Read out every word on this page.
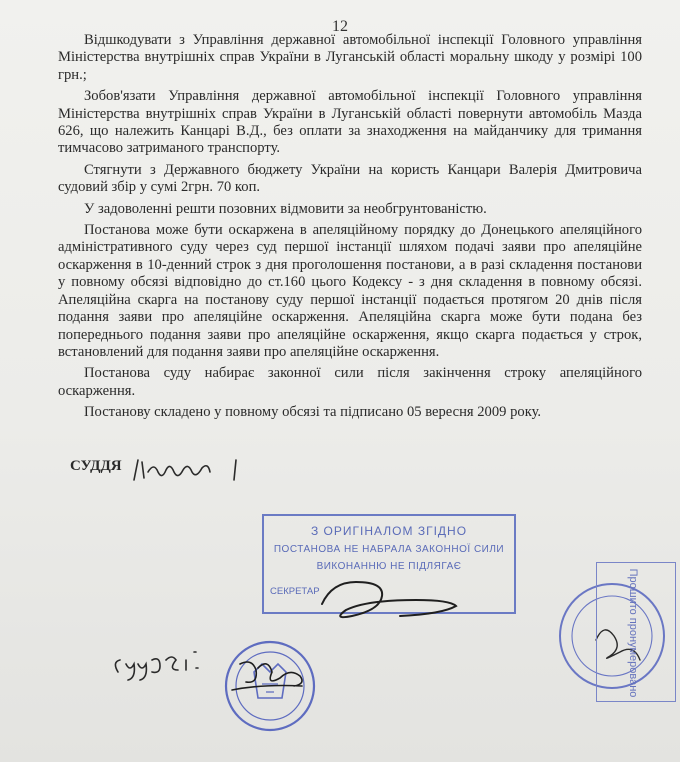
12

Відшкодувати з Управління державної автомобільної інспекції Головного управління Міністерства внутрішніх справ України в Луганській області моральну шкоду у розмірі 100 грн.;

Зобов'язати Управління державної автомобільної інспекції Головного управління Міністерства внутрішніх справ України в Луганській області повернути автомобіль Мазда 626, що належить Канцарі В.Д., без оплати за знаходження на майданчику для тримання тимчасово затриманого транспорту.

Стягнути з Державного бюджету України на користь Канцари Валерія Дмитровича судовий збір у сумі 2грн. 70 коп.

У задоволенні решти позовних відмовити за необгрунтованістю.

Постанова може бути оскаржена в апеляційному порядку до Донецького апеляційного адміністративного суду через суд першої інстанції шляхом подачі заяви про апеляційне оскарження в 10-денний строк з дня проголошення постанови, а в разі складення постанови у повному обсязі відповідно до ст.160 цього Кодексу - з дня складення в повному обсязі. Апеляційна скарга на постанову суду першої інстанції подається протягом 20 днів після подання заяви про апеляційне оскарження. Апеляційна скарга може бути подана без попереднього подання заяви про апеляційне оскарження, якщо скарга подається у строк, встановлений для подання заяви про апеляційне оскарження.

Постанова суду набирає законної сили після закінчення строку апеляційного оскарження.

Постанову складено у повному обсязі та підписано 05 вересня 2009 року.

СУДДЯ
З ОРИГІНАЛОМ ЗГІДНО
ПОСТАНОВА НЕ НАБРАЛА ЗАКОННОЇ СИЛИ
ВИКОНАННЮ НЕ ПІДЛЯГАЄ
СЕКРЕТАР	Прошито пронумеровано
